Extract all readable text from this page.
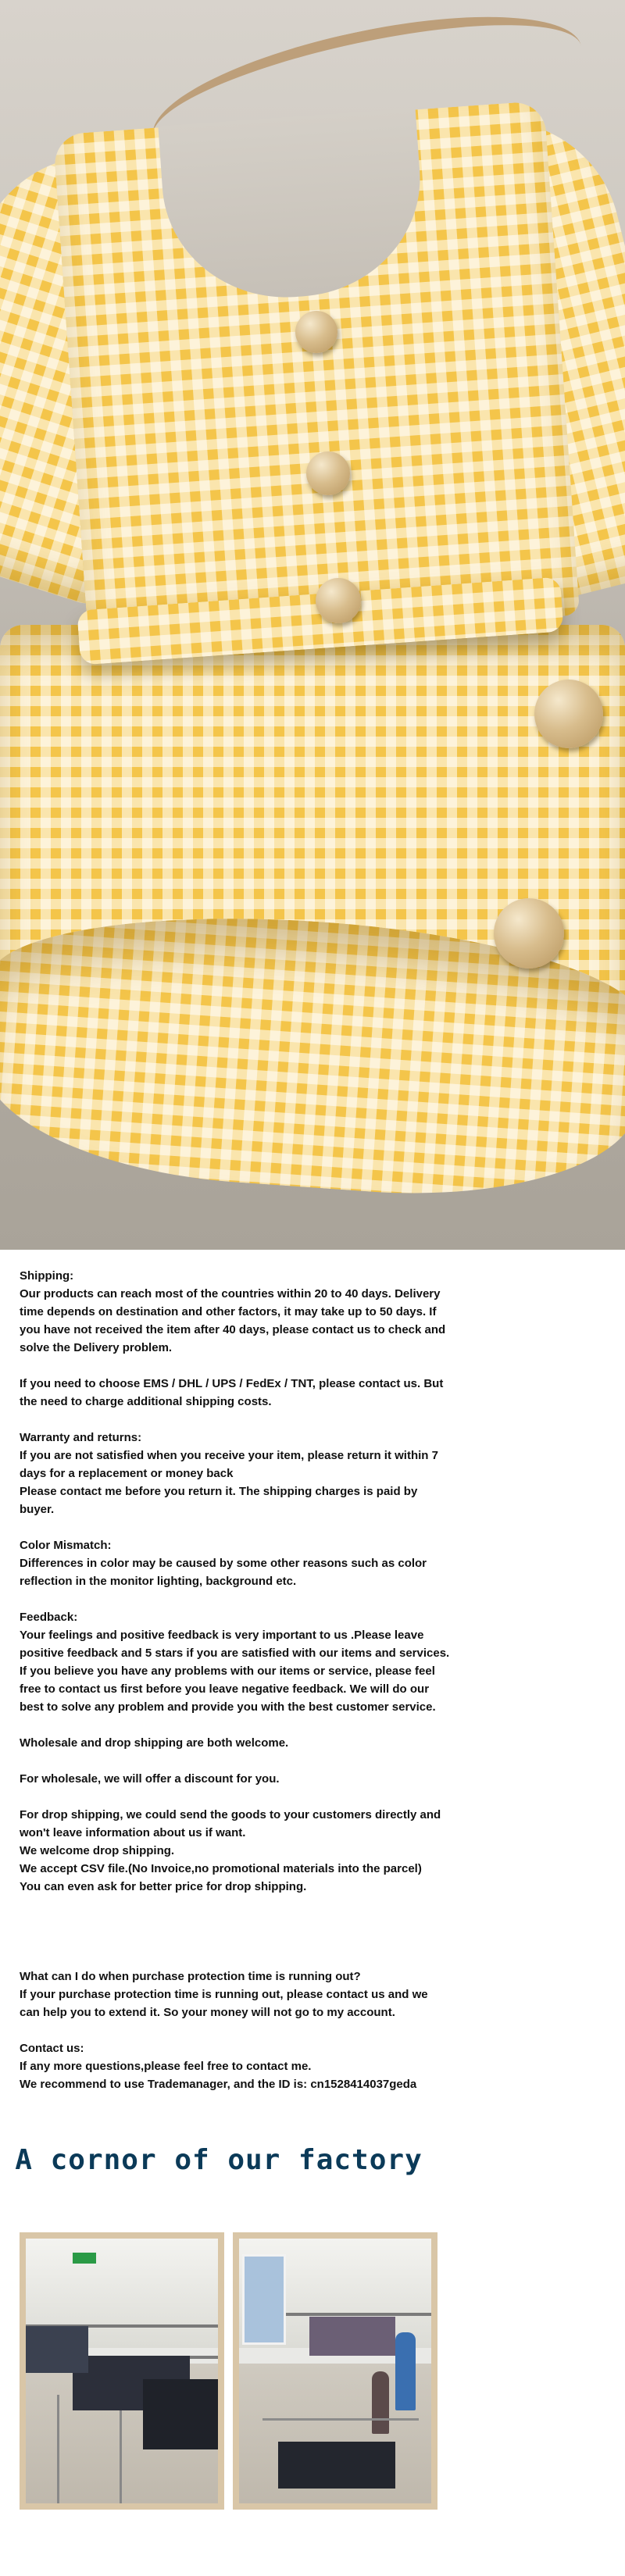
Shipping:

Our products can reach most of the countries within 20 to 40 days. Delivery time depends on destination and other factors, it may take up to 50 days. If you have not received the item after 40 days, please contact us to check and solve the Delivery problem.

If you need to choose EMS / DHL / UPS / FedEx / TNT, please contact us. But the need to charge additional shipping costs.

Warranty and returns:

If you are not satisfied when you receive your item, please return it within 7 days for a replacement or money back

Please contact me before you return it. The shipping charges is paid by buyer.

Color Mismatch:

Differences in color may be caused by some other reasons such as color reflection in the monitor lighting, background etc.

Feedback:

Your feelings and positive feedback is very important to us .Please leave positive feedback and 5 stars if you are satisfied with our items and services. If you believe you have any problems with our items or service, please feel free to contact us first before you leave negative feedback. We will do our best to solve any problem and provide you with the best customer service.

Wholesale and drop shipping are both welcome.

For wholesale, we will offer a discount for you.

For drop shipping, we could send the goods to your customers directly and won't leave information about us if want.

We welcome drop shipping.

We accept CSV file.(No Invoice,no promotional materials into the parcel)

You can even ask for better price for drop shipping.

What can I do when purchase protection time is running out?

If your purchase protection time is running out, please contact us and we can help you to extend it. So your money will not go to my account.

Contact us:

If any more questions,please feel free to contact me.

We recommend to use Trademanager, and the ID is: cn1528414037geda

A cornor of our factory
